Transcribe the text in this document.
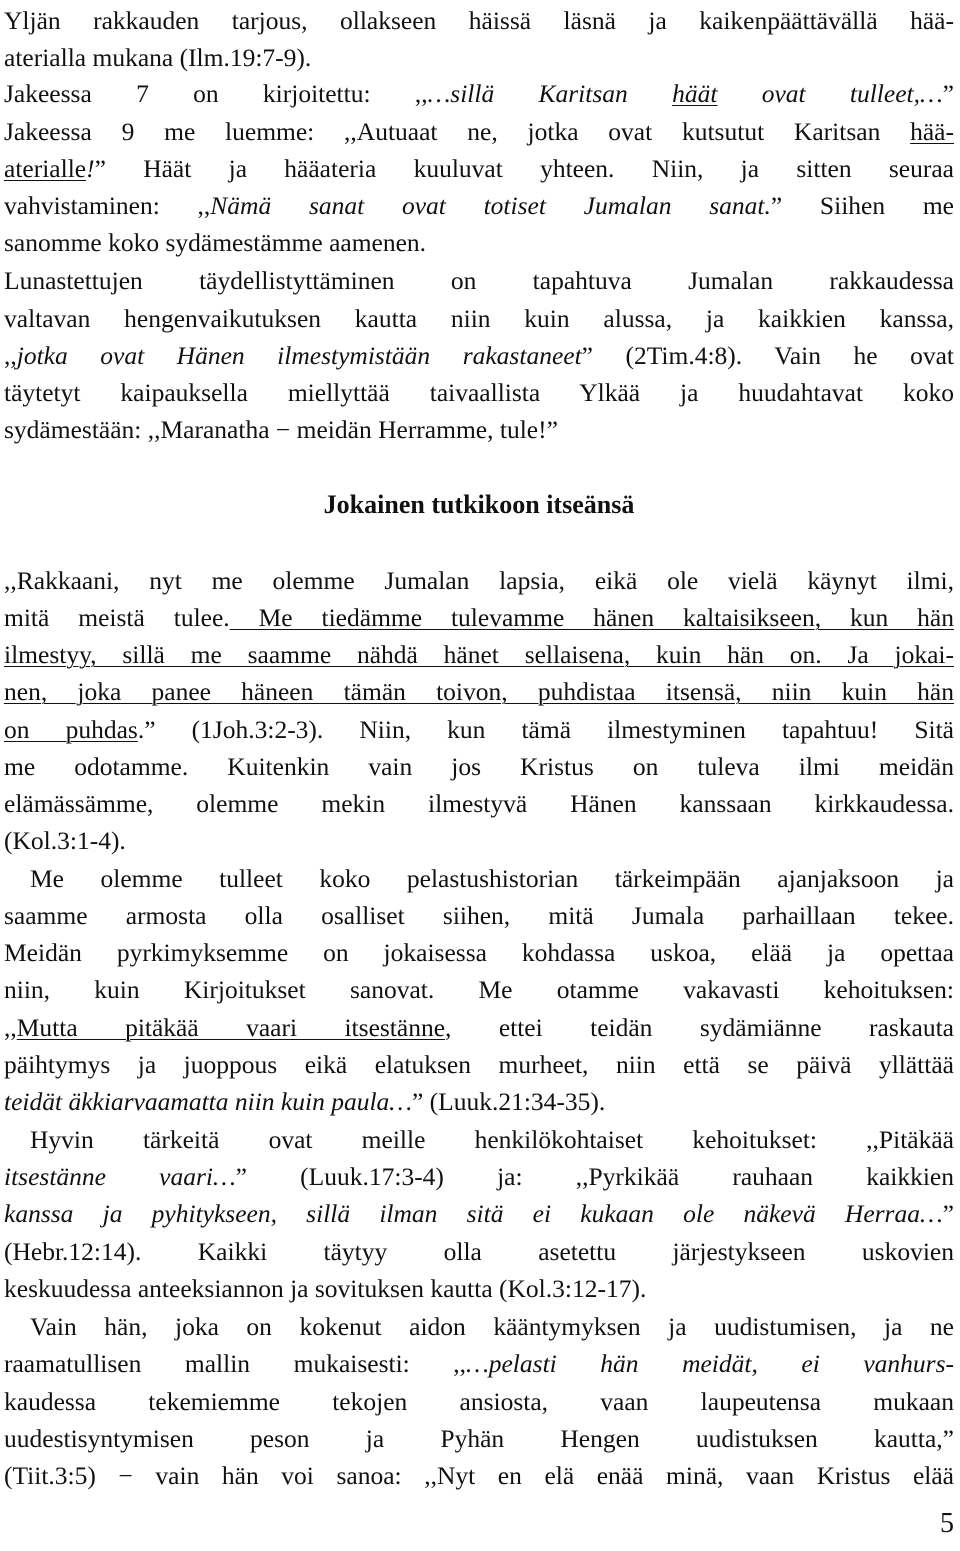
Yljän rakkauden tarjous, ollakseen häissä läsnä ja kaikenpäättävällä hää-
aterialla mukana (Ilm.19:7-9).
Jakeessa 7 on kirjoitettu: ,,…sillä Karitsan häät ovat tulleet,…”
Jakeessa 9 me luemme: ,,Autuaat ne, jotka ovat kutsutut Karitsan hää-
aterialle!” Häät ja hääateria kuuluvat yhteen. Niin, ja sitten seuraa
vahvistaminen: ,,Nämä sanat ovat totiset Jumalan sanat.” Siihen me
sanomme koko sydämestämme aamenen.
Lunastettujen täydellistyttäminen on tapahtuva Jumalan rakkaudessa
valtavan hengenvaikutuksen kautta niin kuin alussa, ja kaikkien kanssa,
,,jotka ovat Hänen ilmestymistään rakastaneet” (2Tim.4:8). Vain he ovat
täytetyt kaipauksella miellyttää taivaallista Ylkää ja huudahtavat koko
sydämestään: ,,Maranatha − meidän Herramme, tule!”
Jokainen tutkikoon itseänsä
,,Rakkaani, nyt me olemme Jumalan lapsia, eikä ole vielä käynyt ilmi,
mitä meistä tulee. Me tiedämme tulevamme hänen kaltaisikseen, kun hän
ilmestyy, sillä me saamme nähdä hänet sellaisena, kuin hän on. Ja jokai-
nen, joka panee häneen tämän toivon, puhdistaa itsensä, niin kuin hän
on puhdas.” (1Joh.3:2-3). Niin, kun tämä ilmestyminen tapahtuu! Sitä
me odotamme. Kuitenkin vain jos Kristus on tuleva ilmi meidän
elämässämme, olemme mekin ilmestyvä Hänen kanssaan kirkkaudessa.
(Kol.3:1-4).
Me olemme tulleet koko pelastushistorian tärkeimpään ajanjaksoon ja
saamme armosta olla osalliset siihen, mitä Jumala parhaillaan tekee.
Meidän pyrkimyksemme on jokaisessa kohdassa uskoa, elää ja opettaa
niin, kuin Kirjoitukset sanovat. Me otamme vakavasti kehoituksen:
,,Mutta pitäkää vaari itsestänne, ettei teidän sydämiänne raskauta
päihtymys ja juoppous eikä elatuksen murheet, niin että se päivä yllättää
teidät äkkiarvaamatta niin kuin paula…” (Luuk.21:34-35).
Hyvin tärkeitä ovat meille henkilökohtaiset kehoitukset: ,,Pitäkää
itsestänne vaari…” (Luuk.17:3-4) ja: ,,Pyrkikää rauhaan kaikkien
kanssa ja pyhitykseen, sillä ilman sitä ei kukaan ole näkevä Herraa…”
(Hebr.12:14). Kaikki täytyy olla asetettu järjestykseen uskovien
keskuudessa anteeksiannon ja sovituksen kautta (Kol.3:12-17).
Vain hän, joka on kokenut aidon kääntymyksen ja uudistumisen, ja ne
raamatullisen mallin mukaisesti: ,,…pelasti hän meidät, ei vanhurs-
kaudessa tekemiemme tekojen ansiosta, vaan laupeutensa mukaan
uudestisyntymisen peson ja Pyhän Hengen uudistuksen kautta,”
(Tiit.3:5) − vain hän voi sanoa: ,,Nyt en elä enää minä, vaan Kristus elää
5
